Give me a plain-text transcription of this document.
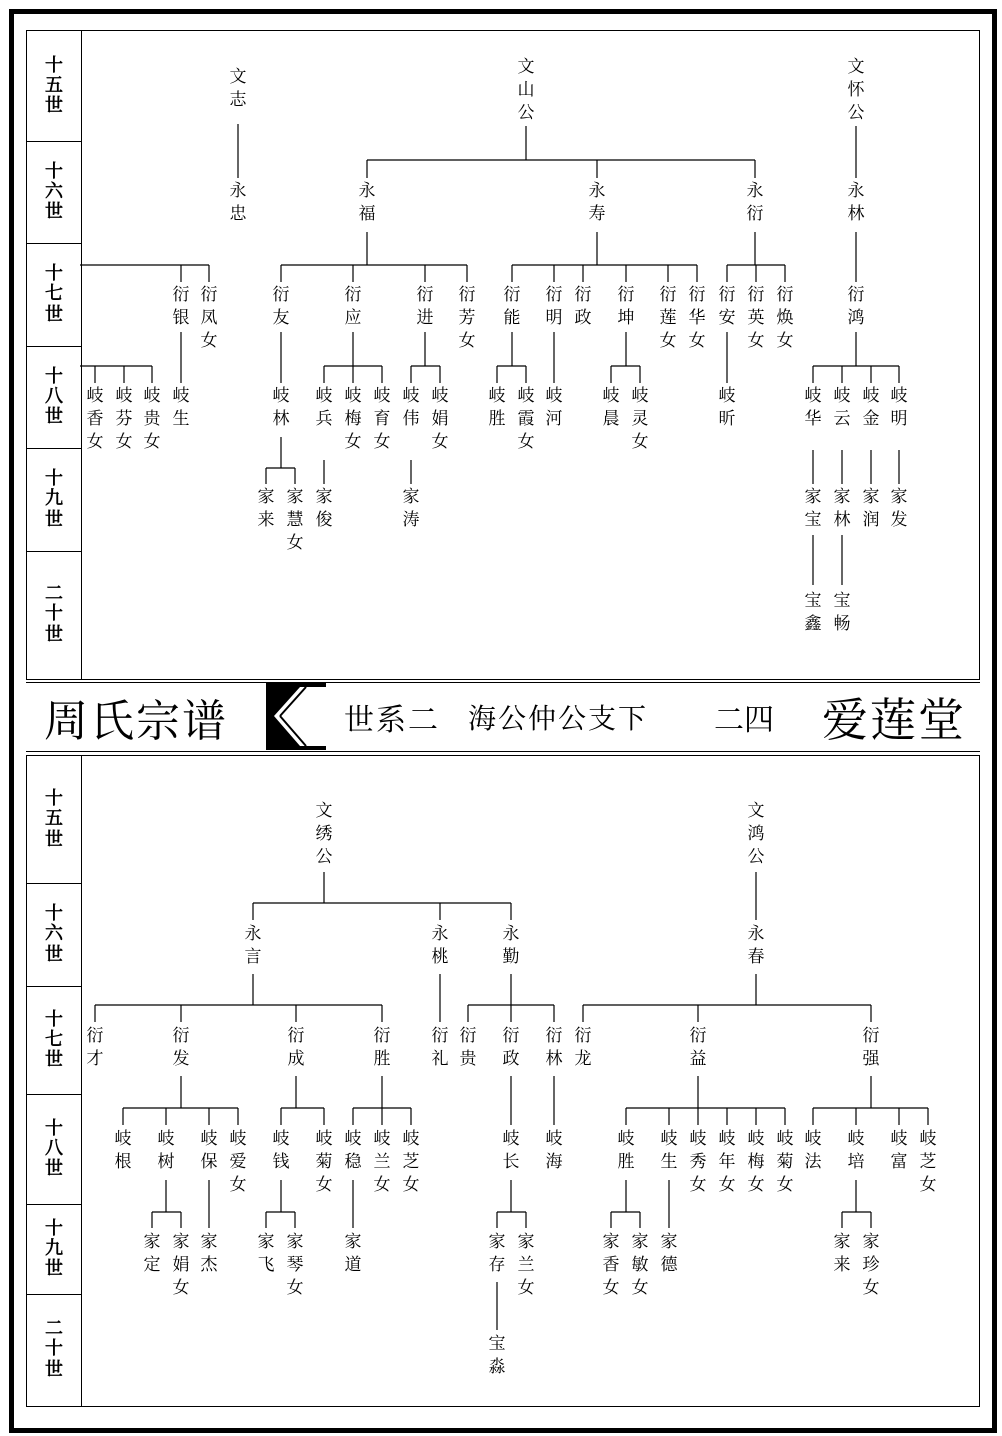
十
五
世
十
六
世
十
七
世
十
八
世
十
九
世
二
十
世
周氏宗谱	世系二 海公仲公支下 二四 爱莲堂
十
五
世
十
六
世
十
七
世
十
八
世
十
九
世
二
十
世
文
志
文
山
公
文
怀
公
永
忠
永
福
永
寿
永
衍
永
林
衍
银
衍
凤
女
衍
友
衍
应
衍
进
衍
芳
女
衍
能
衍
明
衍
政
衍
坤
衍
莲
女
衍
华
女
衍
安
衍
英
女
衍
焕
女
衍
鸿
岐
香
女
岐
芬
女
岐
贵
女
岐
生
岐
林
岐
兵
岐
梅
女
岐
育
女
岐
伟
岐
娟
女
岐
胜
岐
霞
女
岐
河
岐
晨
岐
灵
女
岐
昕
岐
华
岐
云
岐
金
岐
明
家
来
家
慧
女
家
俊
家
涛
家
宝
家
林
家
润
家
发
宝
鑫
宝
畅
文
绣
公
文
鸿
公
永
言
永
桃
永
勤
永
春
衍
才
衍
发
衍
成
衍
胜
衍
礼
衍
贵
衍
政
衍
林
衍
龙
衍
益
衍
强
岐
根
岐
树
岐
保
岐
爱
女
岐
钱
岐
菊
女
岐
稳
岐
兰
女
岐
芝
女
岐
长
岐
海
岐
胜
岐
生
岐
秀
女
岐
年
女
岐
梅
女
岐
菊
女
岐
法
岐
培
岐
富
岐
芝
女
家
定
家
娟
女
家
杰
家
飞
家
琴
女
家
道
家
存
家
兰
女
家
香
女
家
敏
女
家
德
家
来
家
珍
女
宝
淼
